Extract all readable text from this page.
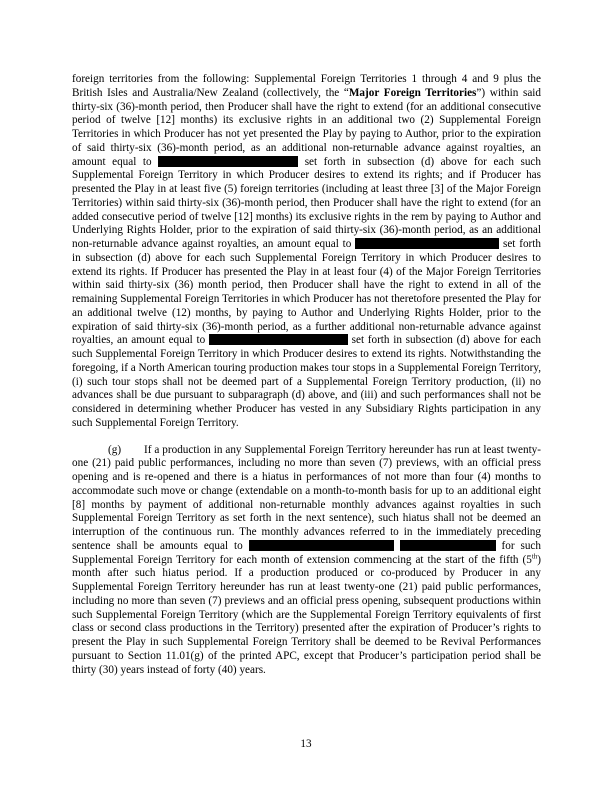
foreign territories from the following: Supplemental Foreign Territories 1 through 4 and 9 plus the British Isles and Australia/New Zealand (collectively, the “Major Foreign Territories”) within said thirty-six (36)-month period, then Producer shall have the right to extend (for an additional consecutive period of twelve [12] months) its exclusive rights in an additional two (2) Supplemental Foreign Territories in which Producer has not yet presented the Play by paying to Author, prior to the expiration of said thirty-six (36)-month period, as an additional non-returnable advance against royalties, an amount equal to	set forth in subsection (d) above for each such Supplemental Foreign Territory in which Producer desires to extend its rights; and if Producer has presented the Play in at least five (5) foreign territories (including at least three [3] of the Major Foreign Territories) within said thirty-six (36)-month period, then Producer shall have the right to extend (for an added consecutive period of twelve [12] months) its exclusive rights in the rem by paying to Author and Underlying Rights Holder, prior to the expiration of said thirty-six (36)-month period, as an additional non-returnable advance against royalties, an amount equal to	set forth in subsection (d) above for each such Supplemental Foreign Territory in which Producer desires to extend its rights. If Producer has presented the Play in at least four (4) of the Major Foreign Territories within said thirty-six (36) month period, then Producer shall have the right to extend in all of the remaining Supplemental Foreign Territories in which Producer has not theretofore presented the Play for an additional twelve (12) months, by paying to Author and Underlying Rights Holder, prior to the expiration of said thirty-six (36)-month period, as a further additional non-returnable advance against royalties, an amount equal to	set forth in subsection (d) above for each such Supplemental Foreign Territory in which Producer desires to extend its rights. Notwithstanding the foregoing, if a North American touring production makes tour stops in a Supplemental Foreign Territory, (i) such tour stops shall not be deemed part of a Supplemental Foreign Territory production, (ii) no advances shall be due pursuant to subparagraph (d) above, and (iii) and such performances shall not be considered in determining whether Producer has vested in any Subsidiary Rights participation in any such Supplemental Foreign Territory.

(g) If a production in any Supplemental Foreign Territory hereunder has run at least twenty-one (21) paid public performances, including no more than seven (7) previews, with an official press opening and is re-opened and there is a hiatus in performances of not more than four (4) months to accommodate such move or change (extendable on a month-to-month basis for up to an additional eight [8] months by payment of additional non-returnable monthly advances against royalties in such Supplemental Foreign Territory as set forth in the next sentence), such hiatus shall not be deemed an interruption of the continuous run. The monthly advances referred to in the immediately preceding sentence shall be amounts equal to	for such Supplemental Foreign Territory for each month of extension commencing at the start of the fifth (5th) month after such hiatus period. If a production produced or co-produced by Producer in any Supplemental Foreign Territory hereunder has run at least twenty-one (21) paid public performances, including no more than seven (7) previews and an official press opening, subsequent productions within such Supplemental Foreign Territory (which are the Supplemental Foreign Territory equivalents of first class or second class productions in the Territory) presented after the expiration of Producer’s rights to present the Play in such Supplemental Foreign Territory shall be deemed to be Revival Performances pursuant to Section 11.01(g) of the printed APC, except that Producer’s participation period shall be thirty (30) years instead of forty (40) years.

13
